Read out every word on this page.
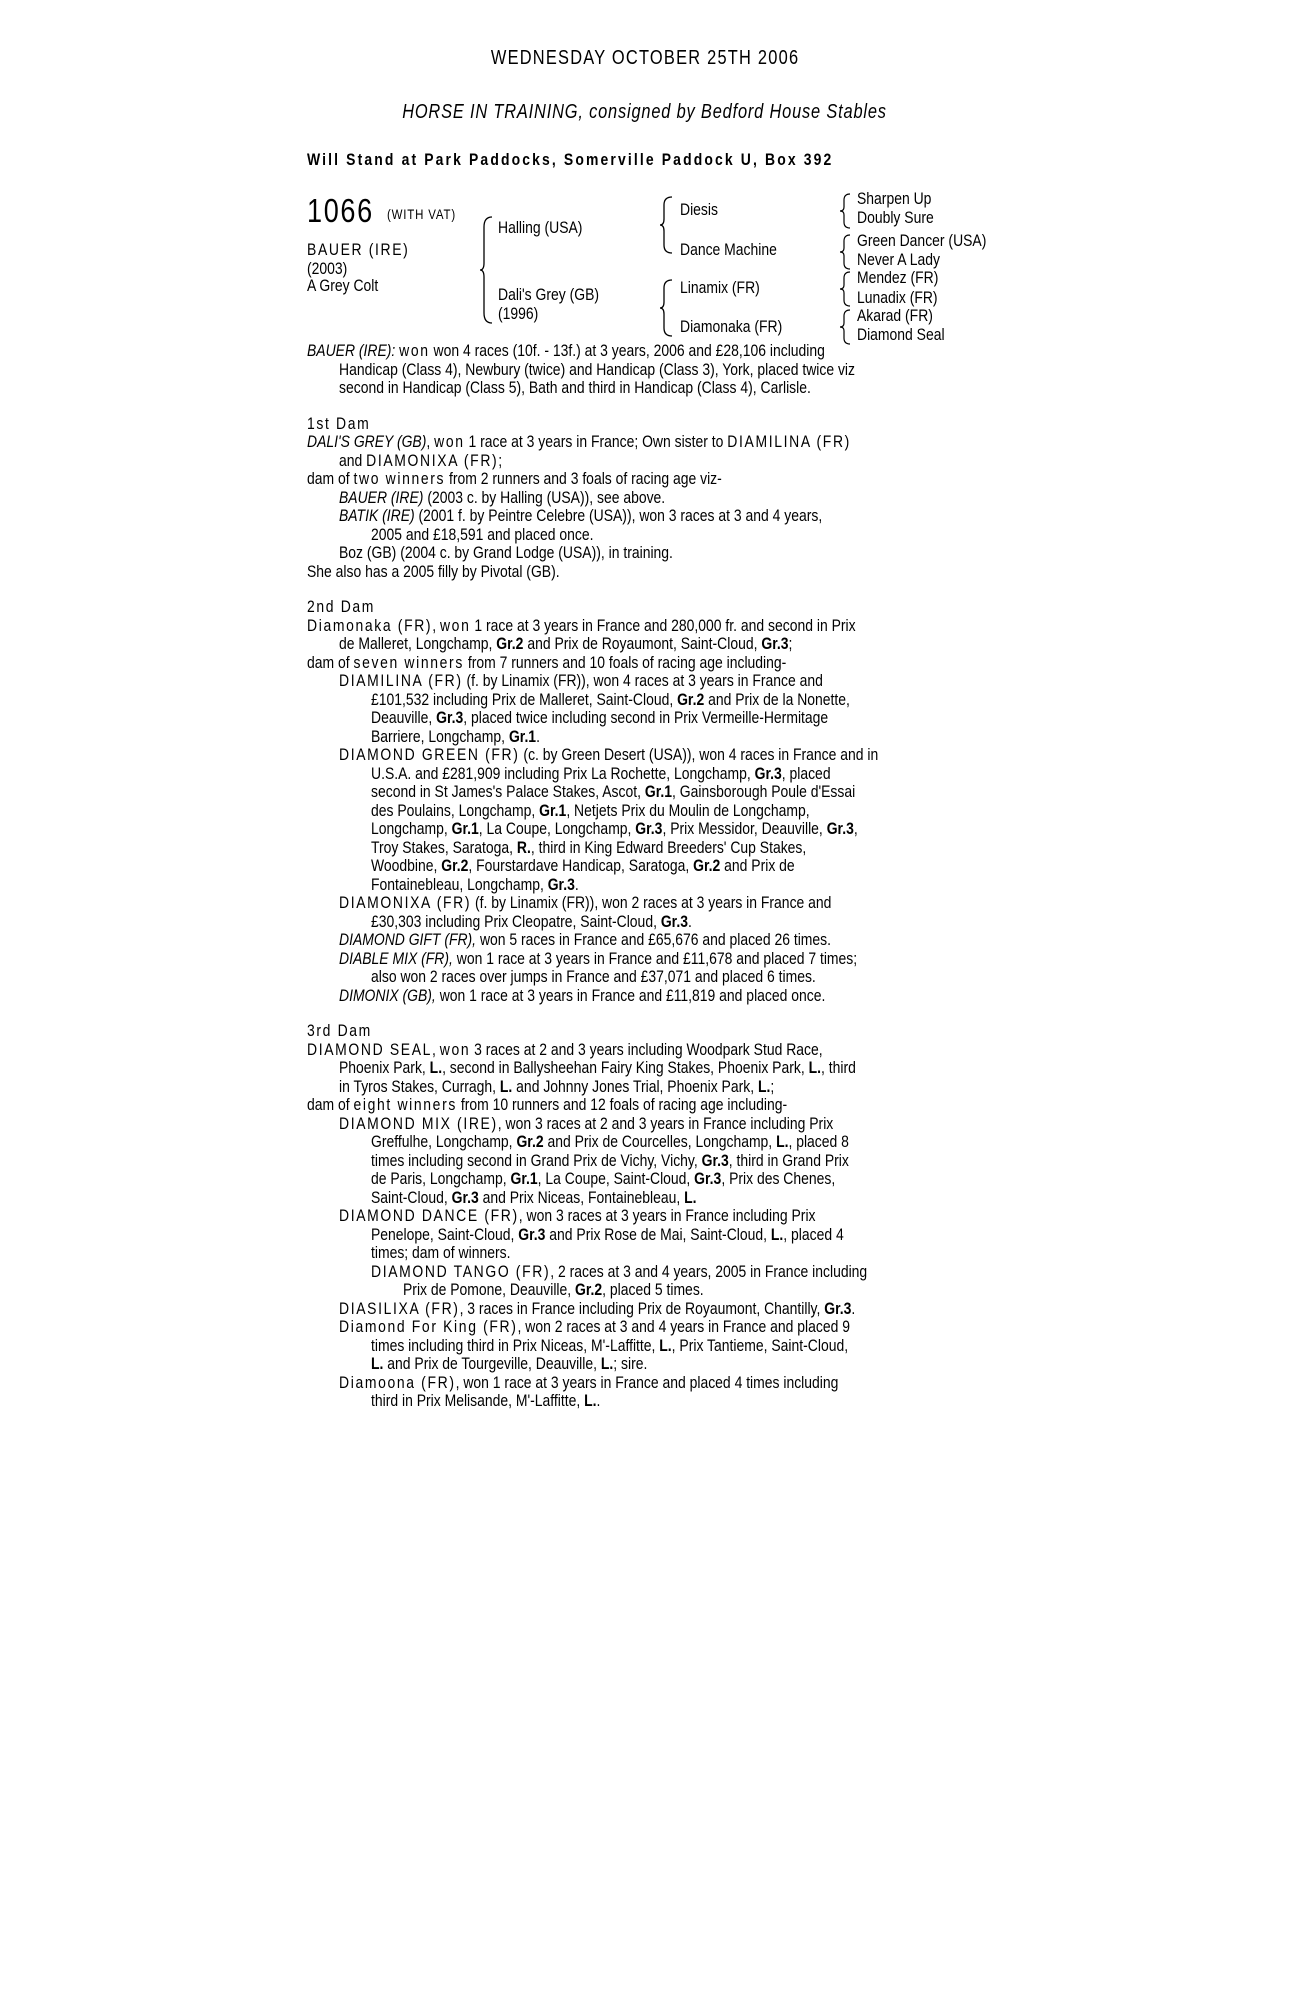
WEDNESDAY OCTOBER 25TH 2006
HORSE IN TRAINING, consigned by Bedford House Stables
Will Stand at Park Paddocks, Somerville Paddock U, Box 392
1066 (WITH VAT)
BAUER (IRE)
(2003)
A Grey Colt
Halling (USA)
Dali's Grey (GB)
(1996)
Diesis
Dance Machine
Linamix (FR)
Diamonaka (FR)
Sharpen Up
Doubly Sure
Green Dancer (USA)
Never A Lady
Mendez (FR)
Lunadix (FR)
Akarad (FR)
Diamond Seal
BAUER (IRE): won won 4 races (10f. - 13f.) at 3 years, 2006 and £28,106 including
Handicap (Class 4), Newbury (twice) and Handicap (Class 3), York, placed twice viz
second in Handicap (Class 5), Bath and third in Handicap (Class 4), Carlisle.
1st Dam
DALI'S GREY (GB), won 1 race at 3 years in France; Own sister to DIAMILINA (FR)
and DIAMONIXA (FR);
dam of two winners from 2 runners and 3 foals of racing age viz-
BAUER (IRE) (2003 c. by Halling (USA)), see above.
BATIK (IRE) (2001 f. by Peintre Celebre (USA)), won 3 races at 3 and 4 years,
2005 and £18,591 and placed once.
Boz (GB) (2004 c. by Grand Lodge (USA)), in training.
She also has a 2005 filly by Pivotal (GB).
2nd Dam
Diamonaka (FR), won 1 race at 3 years in France and 280,000 fr. and second in Prix
de Malleret, Longchamp, Gr.2 and Prix de Royaumont, Saint-Cloud, Gr.3;
dam of seven winners from 7 runners and 10 foals of racing age including-
DIAMILINA (FR) (f. by Linamix (FR)), won 4 races at 3 years in France and
£101,532 including Prix de Malleret, Saint-Cloud, Gr.2 and Prix de la Nonette,
Deauville, Gr.3, placed twice including second in Prix Vermeille-Hermitage
Barriere, Longchamp, Gr.1.
DIAMOND GREEN (FR) (c. by Green Desert (USA)), won 4 races in France and in
U.S.A. and £281,909 including Prix La Rochette, Longchamp, Gr.3, placed
second in St James's Palace Stakes, Ascot, Gr.1, Gainsborough Poule d'Essai
des Poulains, Longchamp, Gr.1, Netjets Prix du Moulin de Longchamp,
Longchamp, Gr.1, La Coupe, Longchamp, Gr.3, Prix Messidor, Deauville, Gr.3,
Troy Stakes, Saratoga, R., third in King Edward Breeders' Cup Stakes,
Woodbine, Gr.2, Fourstardave Handicap, Saratoga, Gr.2 and Prix de
Fontainebleau, Longchamp, Gr.3.
DIAMONIXA (FR) (f. by Linamix (FR)), won 2 races at 3 years in France and
£30,303 including Prix Cleopatre, Saint-Cloud, Gr.3.
DIAMOND GIFT (FR), won 5 races in France and £65,676 and placed 26 times.
DIABLE MIX (FR), won 1 race at 3 years in France and £11,678 and placed 7 times;
also won 2 races over jumps in France and £37,071 and placed 6 times.
DIMONIX (GB), won 1 race at 3 years in France and £11,819 and placed once.
3rd Dam
DIAMOND SEAL, won 3 races at 2 and 3 years including Woodpark Stud Race,
Phoenix Park, L., second in Ballysheehan Fairy King Stakes, Phoenix Park, L., third
in Tyros Stakes, Curragh, L. and Johnny Jones Trial, Phoenix Park, L.;
dam of eight winners from 10 runners and 12 foals of racing age including-
DIAMOND MIX (IRE), won 3 races at 2 and 3 years in France including Prix
Greffulhe, Longchamp, Gr.2 and Prix de Courcelles, Longchamp, L., placed 8
times including second in Grand Prix de Vichy, Vichy, Gr.3, third in Grand Prix
de Paris, Longchamp, Gr.1, La Coupe, Saint-Cloud, Gr.3, Prix des Chenes,
Saint-Cloud, Gr.3 and Prix Niceas, Fontainebleau, L.
DIAMOND DANCE (FR), won 3 races at 3 years in France including Prix
Penelope, Saint-Cloud, Gr.3 and Prix Rose de Mai, Saint-Cloud, L., placed 4
times; dam of winners.
DIAMOND TANGO (FR), 2 races at 3 and 4 years, 2005 in France including
Prix de Pomone, Deauville, Gr.2, placed 5 times.
DIASILIXA (FR), 3 races in France including Prix de Royaumont, Chantilly, Gr.3.
Diamond For King (FR), won 2 races at 3 and 4 years in France and placed 9
times including third in Prix Niceas, M'-Laffitte, L., Prix Tantieme, Saint-Cloud,
L. and Prix de Tourgeville, Deauville, L.; sire.
Diamoona (FR), won 1 race at 3 years in France and placed 4 times including
third in Prix Melisande, M'-Laffitte, L..
